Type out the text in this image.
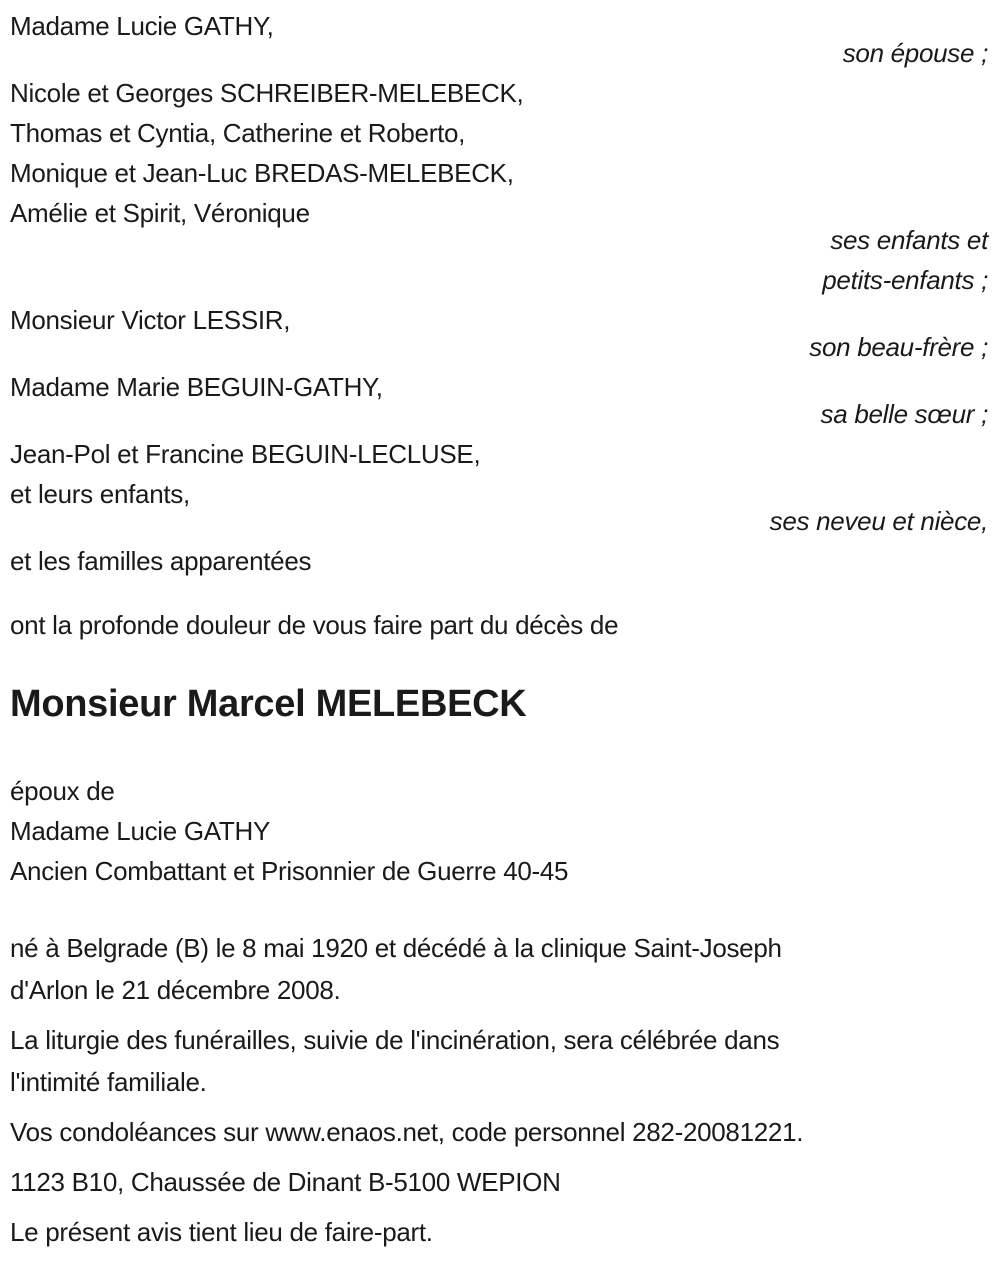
Madame Lucie GATHY,
son épouse ;
Nicole et Georges SCHREIBER-MELEBECK,
Thomas et Cyntia, Catherine et Roberto,
Monique et Jean-Luc BREDAS-MELEBECK,
Amélie et Spirit, Véronique
ses enfants et
petits-enfants ;
Monsieur Victor LESSIR,
son beau-frère ;
Madame Marie BEGUIN-GATHY,
sa belle sœur ;
Jean-Pol et Francine BEGUIN-LECLUSE,
et leurs enfants,
ses neveu et nièce,
et les familles apparentées
ont la profonde douleur de vous faire part du décès de
Monsieur Marcel MELEBECK
époux de
Madame Lucie GATHY
Ancien Combattant et Prisonnier de Guerre 40-45
né à Belgrade (B) le 8 mai 1920 et décédé à la clinique Saint-Joseph
d'Arlon le 21 décembre 2008.
La liturgie des funérailles, suivie de l'incinération, sera célébrée dans
l'intimité familiale.
Vos condoléances sur www.enaos.net, code personnel 282-20081221.
1123 B10, Chaussée de Dinant B-5100 WEPION
Le présent avis tient lieu de faire-part.
